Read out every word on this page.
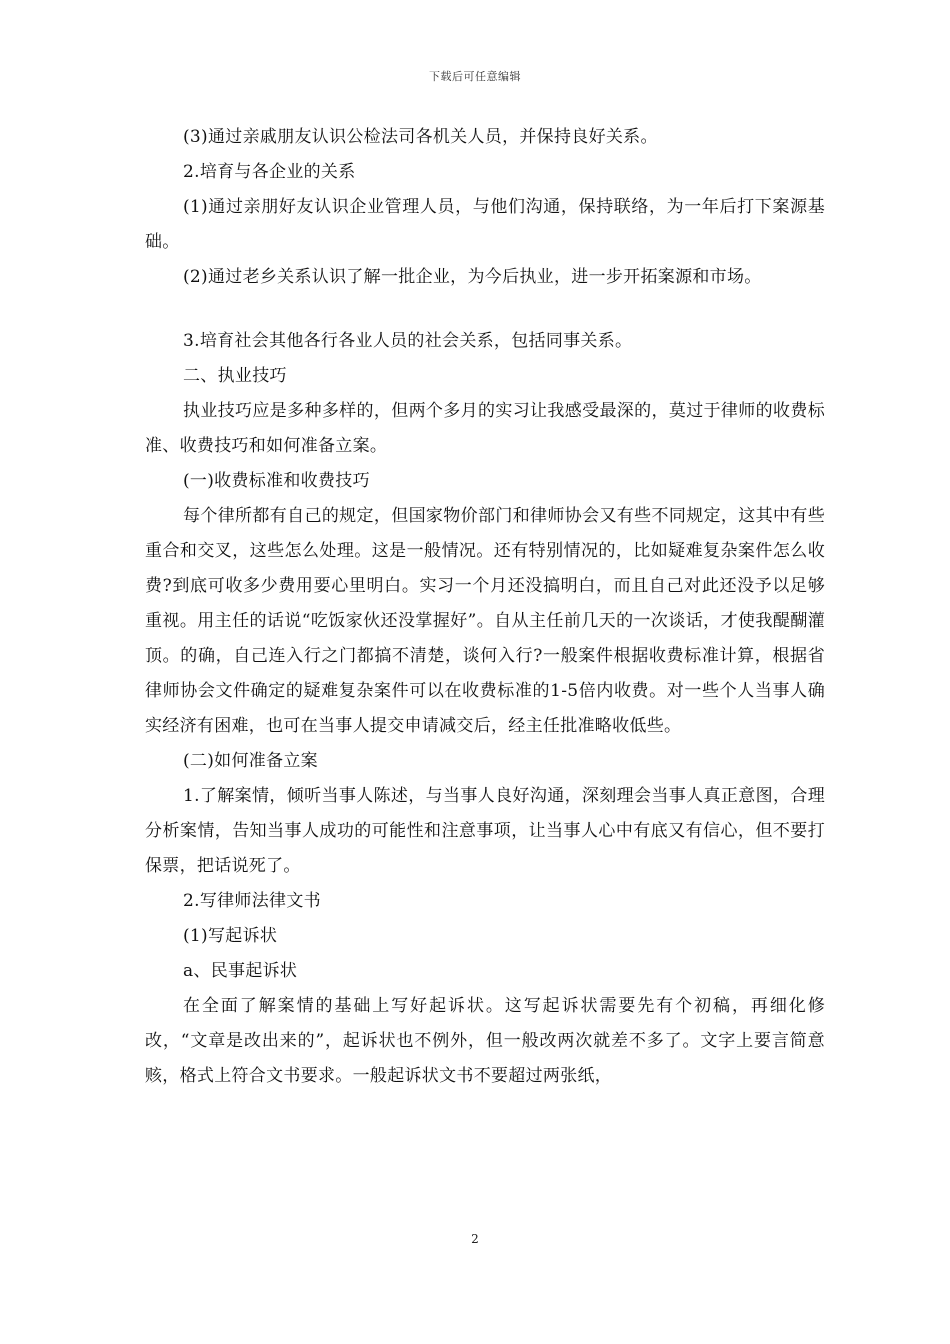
下载后可任意编辑

(3)通过亲戚朋友认识公检法司各机关人员，并保持良好关系。

2.培育与各企业的关系

(1)通过亲朋好友认识企业管理人员，与他们沟通，保持联络，为一年后打下案源基础。

(2)通过老乡关系认识了解一批企业，为今后执业，进一步开拓案源和市场。

3.培育社会其他各行各业人员的社会关系，包括同事关系。

二、执业技巧

执业技巧应是多种多样的，但两个多月的实习让我感受最深的，莫过于律师的收费标准、收费技巧和如何准备立案。

(一)收费标准和收费技巧

每个律所都有自己的规定，但国家物价部门和律师协会又有些不同规定，这其中有些重合和交叉，这些怎么处理。这是一般情况。还有特别情况的，比如疑难复杂案件怎么收费?到底可收多少费用要心里明白。实习一个月还没搞明白，而且自己对此还没予以足够重视。用主任的话说“吃饭家伙还没掌握好”。自从主任前几天的一次谈话，才使我醍醐灌顶。的确，自己连入行之门都搞不清楚，谈何入行?一般案件根据收费标准计算，根据省律师协会文件确定的疑难复杂案件可以在收费标准的1-5倍内收费。对一些个人当事人确实经济有困难，也可在当事人提交申请减交后，经主任批准略收低些。

(二)如何准备立案

1.了解案情，倾听当事人陈述，与当事人良好沟通，深刻理会当事人真正意图，合理分析案情，告知当事人成功的可能性和注意事项，让当事人心中有底又有信心，但不要打保票，把话说死了。

2.写律师法律文书

(1)写起诉状

a、民事起诉状

在全面了解案情的基础上写好起诉状。这写起诉状需要先有个初稿，再细化修改，“文章是改出来的”，起诉状也不例外，但一般改两次就差不多了。文字上要言简意赅，格式上符合文书要求。一般起诉状文书不要超过两张纸，

2
